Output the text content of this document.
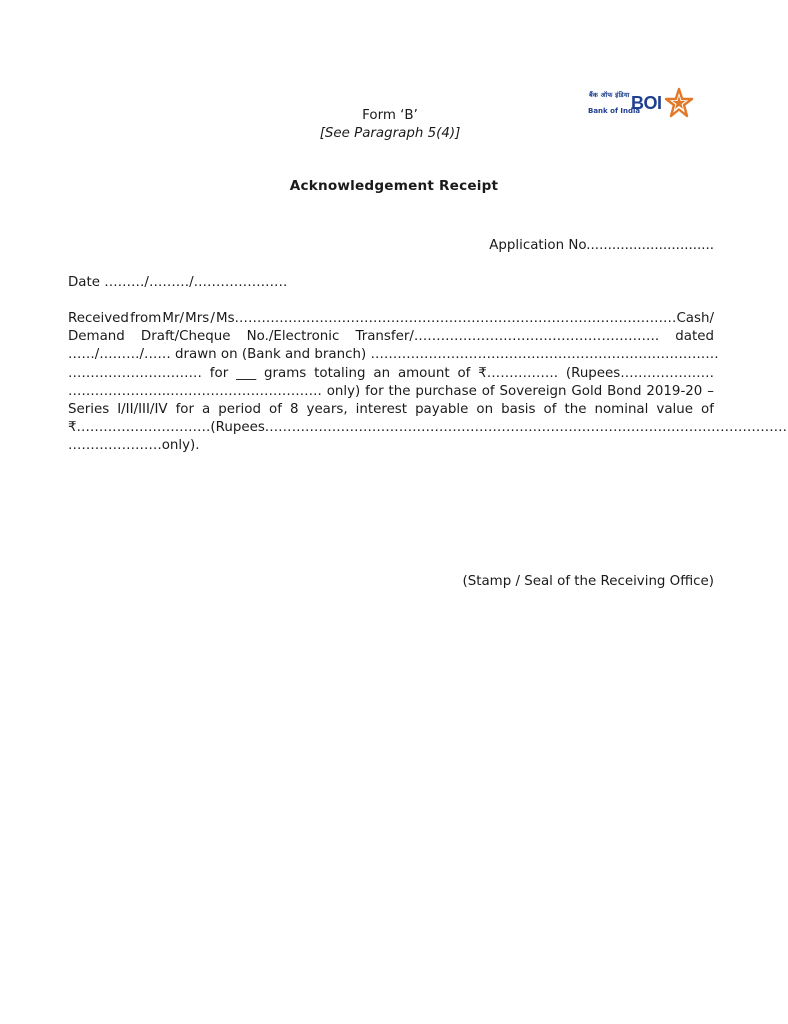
Form ‘B’
[See Paragraph 5(4)]
बैंक ऑफ इंडिया
Bank of India
BOI
Acknowledgement Receipt
Application No..............................
Date ………/………/…………………
Received from Mr/ Mrs / Ms………………………………………………………………………………………Cash/
Demand Draft/Cheque No./Electronic Transfer/………………………………………………. dated
……/………/…… drawn on (Bank and branch) ……………………………………………………………………
………………………… for ___ grams totaling an amount of ₹……………. (Rupees…………………
…………………..……………………………. only) for the purchase of Sovereign Gold Bond 2019-20 –
Series I/II/III/IV for a period of 8 years, interest payable on basis of the nominal value of
₹…………………………(Rupees………………………………………………………………………………………………………
…………………only).
(Stamp / Seal of the Receiving Office)
